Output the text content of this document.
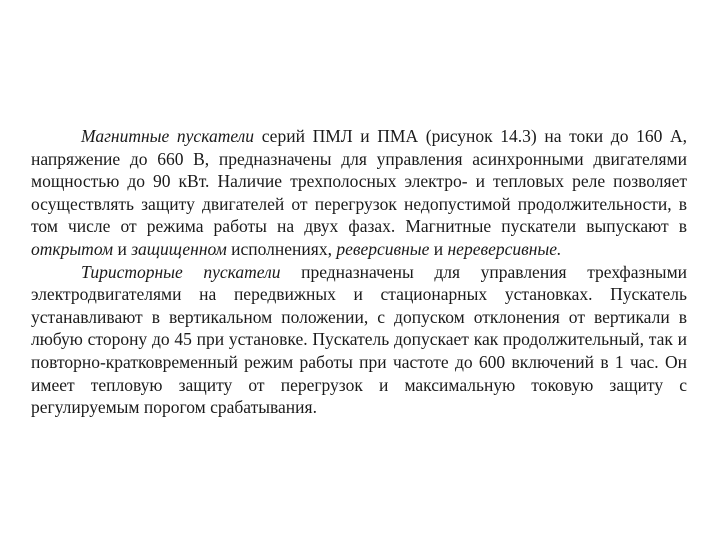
Магнитные пускатели серий ПМЛ и ПМА (рисунок 14.3) на токи до 160 А, напряжение до 660 В, предназначены для управления асинхронными двигателями мощностью до 90 кВт. Наличие трехполосных электро- и тепловых реле позволяет осуществлять защиту двигателей от перегрузок недопустимой продолжительности, в том числе от режима работы на двух фазах. Магнитные пускатели выпускают в открытом и защищенном исполнениях, реверсивные и нереверсивные.

Тиристорные пускатели предназначены для управления трехфазными электродвигателями на передвижных и стационарных установках. Пускатель устанавливают в вертикальном положении, с допуском отклонения от вертикали в любую сторону до 45 при установке. Пускатель допускает как продолжительный, так и повторно-кратковременный режим работы при частоте до 600 включений в 1 час. Он имеет тепловую защиту от перегрузок и максимальную токовую защиту с регулируемым порогом срабатывания.
